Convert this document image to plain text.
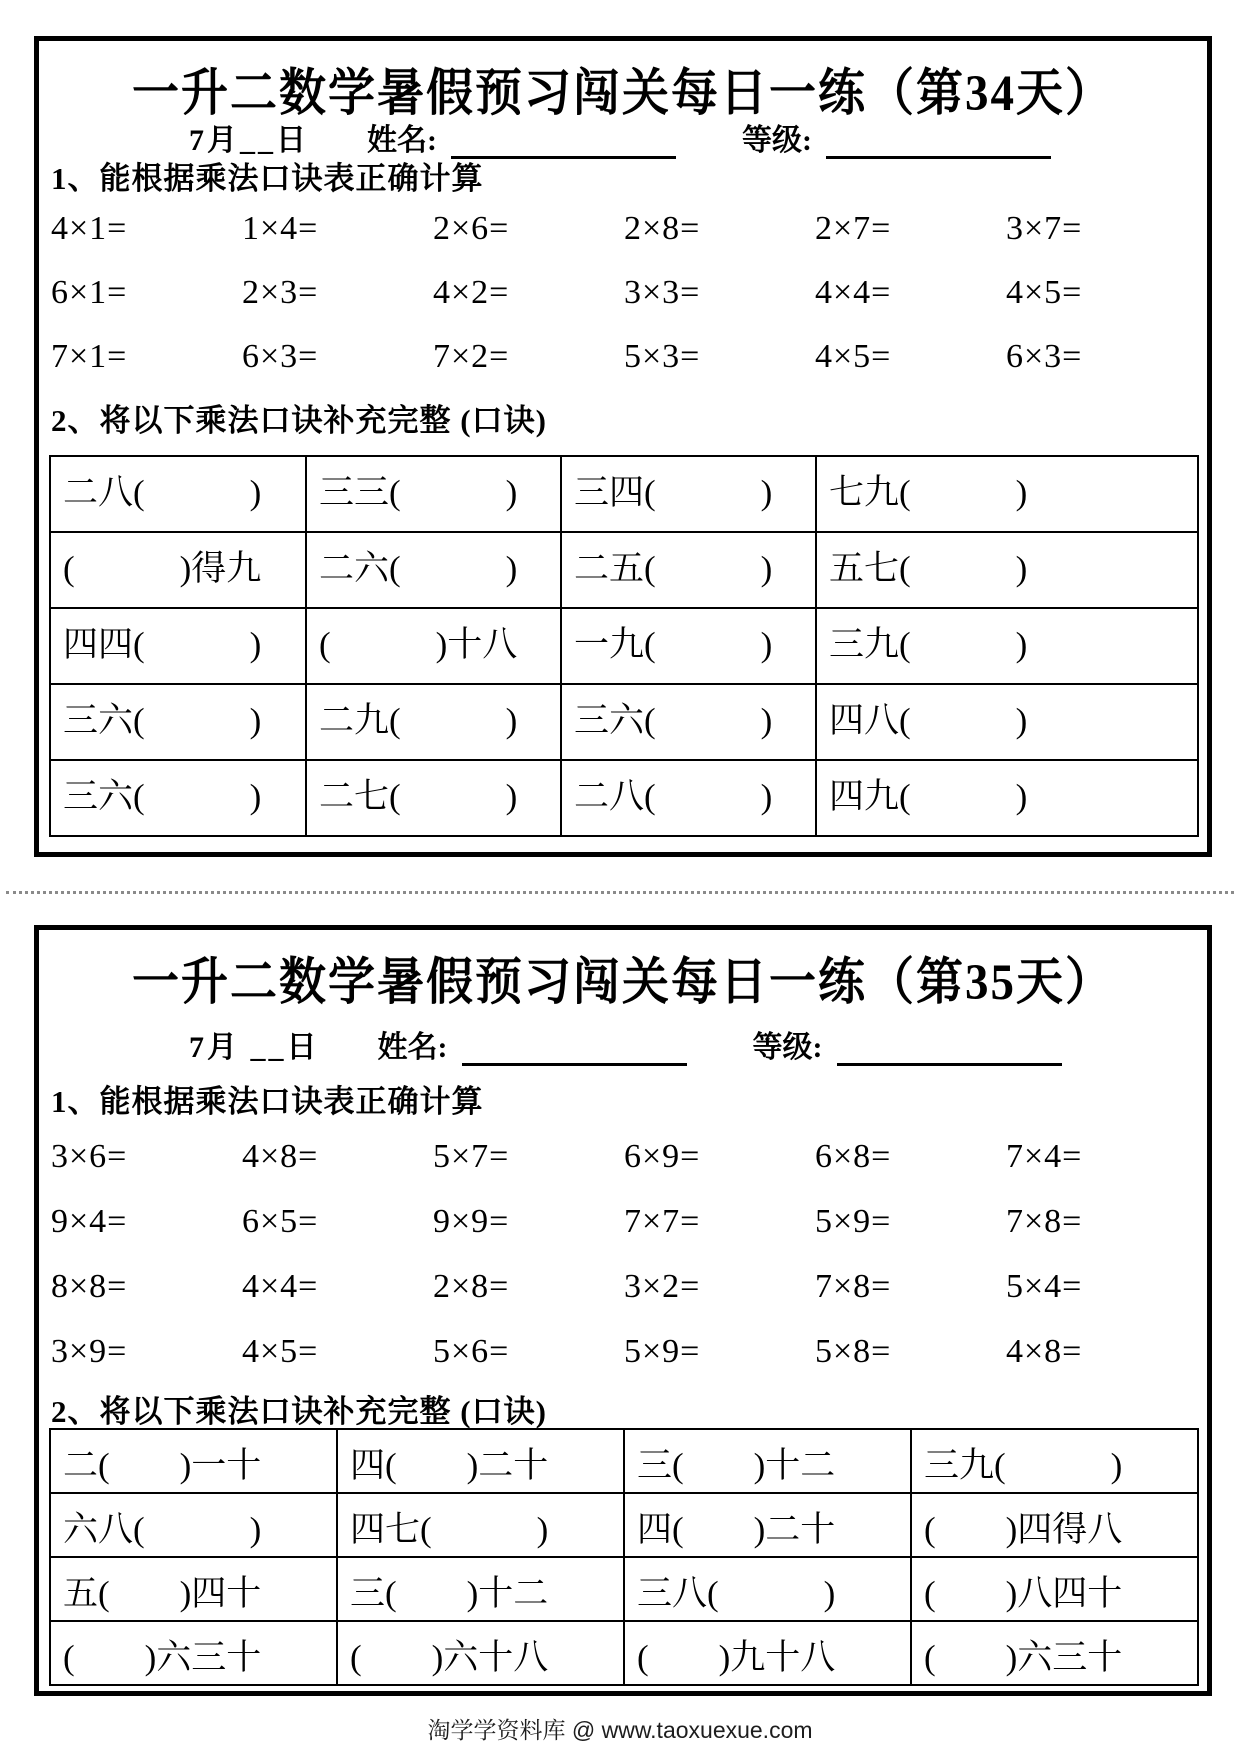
一升二数学暑假预习闯关每日一练（第34天）
7月__日 姓名:	等级:
1、能根据乘法口诀表正确计算
4×1=	1×4=	2×6=	2×8=	2×7=	3×7=
6×1=	2×3=	4×2=	3×3=	4×4=	4×5=
7×1=	6×3=	7×2=	5×3=	4×5=	6×3=
2、将以下乘法口诀补充完整 (口诀)
二八(　　　)	三三(　　　)	三四(　　　)	七九(　　　)
(　　　)得九	二六(　　　)	二五(　　　)	五七(　　　)
四四(　　　)	(　　　)十八	一九(　　　)	三九(　　　)
三六(　　　)	二九(　　　)	三六(　　　)	四八(　　　)
三六(　　　)	二七(　　　)	二八(　　　)	四九(　　　)
一升二数学暑假预习闯关每日一练（第35天）
7月 __日 姓名:	等级:
1、能根据乘法口诀表正确计算
3×6=	4×8=	5×7=	6×9=	6×8=	7×4=
9×4=	6×5=	9×9=	7×7=	5×9=	7×8=
8×8=	4×4=	2×8=	3×2=	7×8=	5×4=
3×9=	4×5=	5×6=	5×9=	5×8=	4×8=
2、将以下乘法口诀补充完整 (口诀)
二(　　)一十	四(　　)二十	三(　　)十二	三九(　　　)
六八(　　　)	四七(　　　)	四(　　)二十	(　　)四得八
五(　　)四十	三(　　)十二	三八(　　　)	(　　)八四十
(　　)六三十	(　　)六十八	(　　)九十八	(　　)六三十
淘学学资料库 @ www.taoxuexue.com
